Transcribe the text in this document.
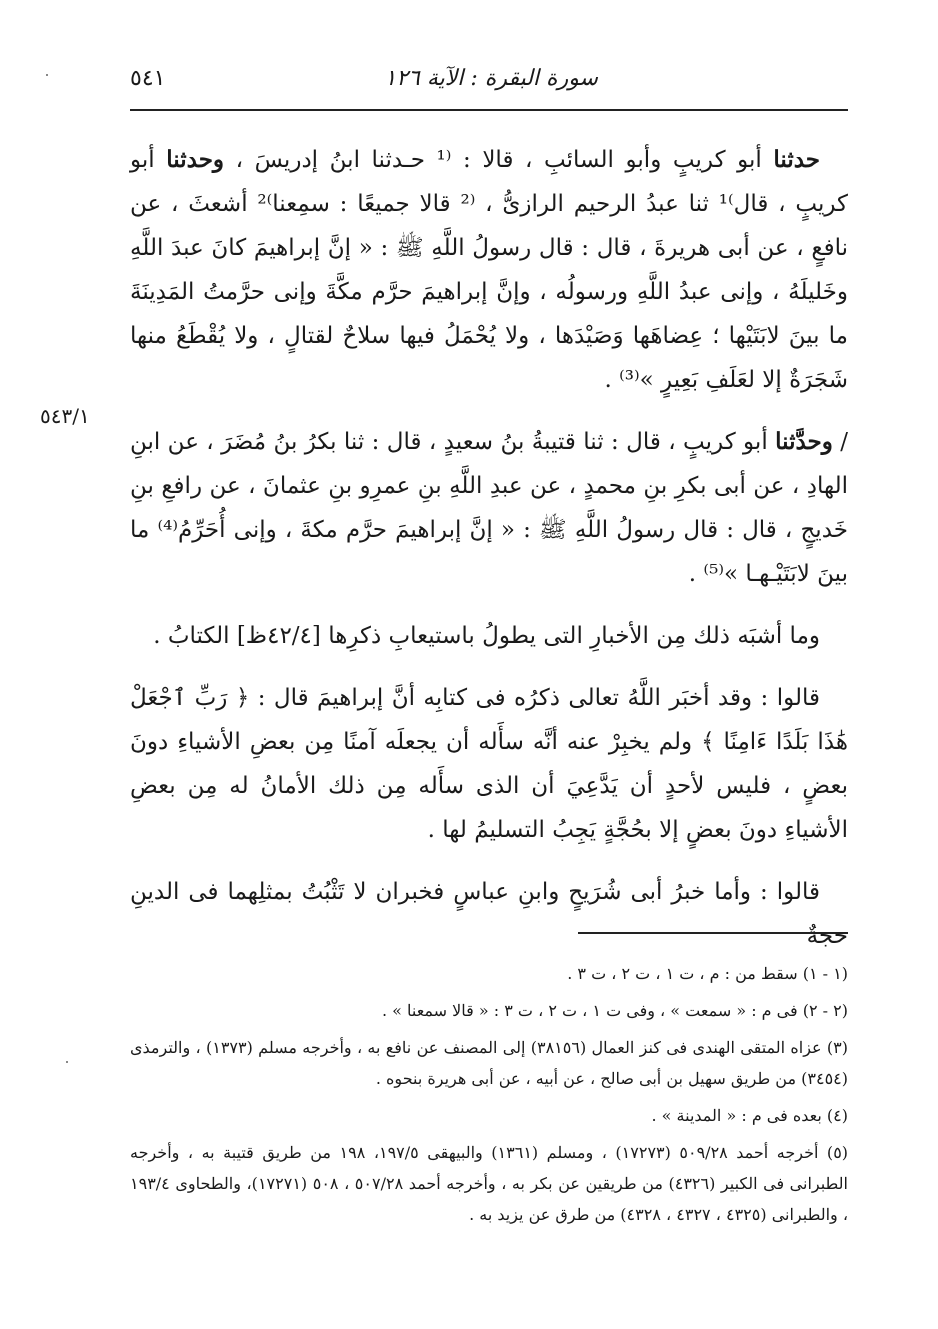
سورة البقرة : الآية ١٢٦
٥٤١
٥٤٣/١

حدثنا أبو كريبٍ وأبو السائبِ ، قالا : ⁽¹ حـدثنا ابنُ إدريسَ ، وحدثنا أبو كريبٍ ، قال⁾¹ ثنا عبدُ الرحيم الرازىُّ ، ⁽² قالا جميعًا : سمِعنا⁾² أشعثَ ، عن نافعٍ ، عن أبى هريرةَ ، قال : قال رسولُ اللَّهِ ﷺ : « إنَّ إبراهيمَ كانَ عبدَ اللَّهِ وخَليلَهُ ، وإنى عبدُ اللَّهِ ورسولُه ، وإنَّ إبراهيمَ حرَّم مكَّةَ وإنى حرَّمتُ المَدِينَةَ ما بينَ لابَتَيْها ؛ عِضاهَها وَصَيْدَها ، ولا يُحْمَلُ فيها سلاحٌ لقتالٍ ، ولا يُقْطَعُ منها شَجَرَةٌ إلا لعَلَفِ بَعِيرٍ »⁽³⁾ .

/ وحدَّثنا أبو كريبٍ ، قال : ثنا قتيبةُ بنُ سعيدٍ ، قال : ثنا بكرُ بنُ مُضَرَ ، عن ابنِ الهادِ ، عن أبى بكرِ بنِ محمدٍ ، عن عبدِ اللَّهِ بنِ عمرِو بنِ عثمانَ ، عن رافعِ بنِ خَديجٍ ، قال : قال رسولُ اللَّهِ ﷺ : « إنَّ إبراهيمَ حرَّم مكةَ ، وإنى أُحَرِّمُ⁽⁴⁾ ما بينَ لابَتَيْـهـا »⁽⁵⁾ .

وما أشبَه ذلك مِن الأخبارِ التى يطولُ باستيعابِ ذكرِها [٤٢/٤ظ] الكتابُ .

قالوا : وقد أخبَر اللَّهُ تعالى ذكرُه فى كتابِه أنَّ إبراهيمَ قال : ﴿ رَبِّ ٱجْعَلْ هَٰذَا بَلَدًا ءَامِنًا ﴾ ولم يخبِرْ عنه أنَّه سأَله أن يجعلَه آمنًا مِن بعضِ الأشياءِ دونَ بعضٍ ، فليس لأحدٍ أن يَدَّعِيَ أن الذى سأَله مِن ذلك الأمانُ له مِن بعضِ الأشياءِ دونَ بعضٍ إلا بحُجَّةٍ يَجِبُ التسليمُ لها .

قالوا : وأما خبرُ أبى شُرَيحٍ وابنِ عباسٍ فخبران لا تَثْبُتُ بمثلِهما فى الدينِ حجةٌ

(١ - ١) سقط من : م ، ت ١ ، ت ٢ ، ت ٣ .
(٢ - ٢) فى م : « سمعت » ، وفى ت ١ ، ت ٢ ، ت ٣ : « قالا سمعنا » .
(٣) عزاه المتقى الهندى فى كنز العمال (٣٨١٥٦) إلى المصنف عن نافع به ، وأخرجه مسلم (١٣٧٣) ، والترمذى (٣٤٥٤) من طريق سهيل بن أبى صالح ، عن أبيه ، عن أبى هريرة بنحوه .
(٤) بعده فى م : « المدينة » .
(٥) أخرجه أحمد ٥٠٩/٢٨ (١٧٢٧٣) ، ومسلم (١٣٦١) والبيهقى ١٩٧/٥، ١٩٨ من طريق قتيبة به ، وأخرجه الطبرانى فى الكبير (٤٣٢٦) من طريقين عن بكر به ، وأخرجه أحمد ٥٠٧/٢٨ ، ٥٠٨ (١٧٢٧١)، والطحاوى ١٩٣/٤ ، والطبرانى (٤٣٢٥ ، ٤٣٢٧ ، ٤٣٢٨) من طرق عن يزيد به .
